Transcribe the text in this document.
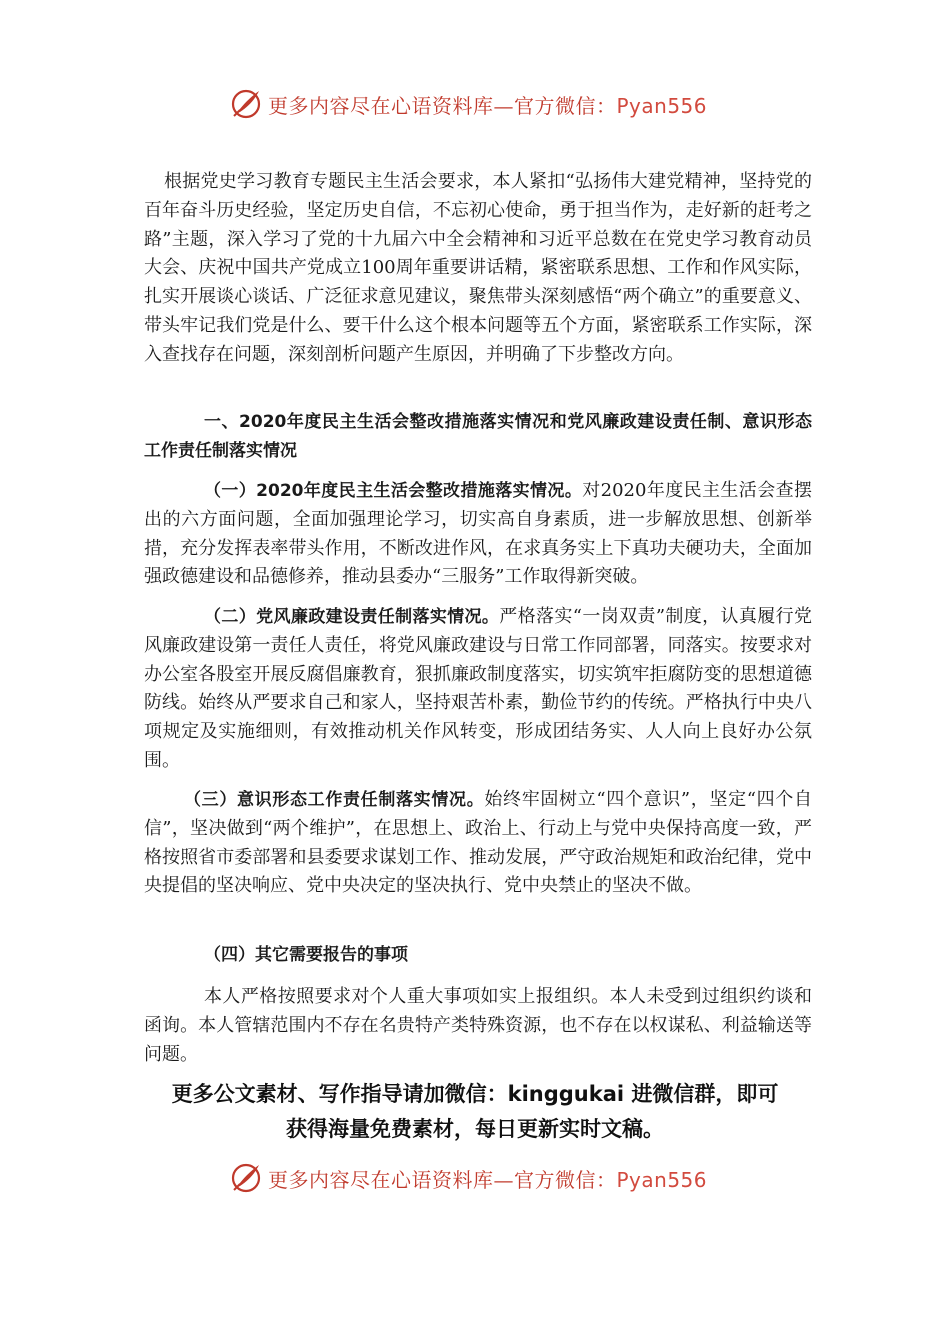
更多内容尽在心语资料库—官方微信：Pyan556
根据党史学习教育专题民主生活会要求，本人紧扣“弘扬伟大建党精神，坚持党的百年奋斗历史经验，坚定历史自信，不忘初心使命，勇于担当作为，走好新的赶考之路”主题，深入学习了党的十九届六中全会精神和习近平总数在在党史学习教育动员大会、庆祝中国共产党成立100周年重要讲话精，紧密联系思想、工作和作风实际，扎实开展谈心谈话、广泛征求意见建议，聚焦带头深刻感悟“两个确立”的重要意义、带头牢记我们党是什么、要干什么这个根本问题等五个方面，紧密联系工作实际，深入查找存在问题，深刻剖析问题产生原因，并明确了下步整改方向。
一、2020年度民主生活会整改措施落实情况和党风廉政建设责任制、意识形态工作责任制落实情况
（一）2020年度民主生活会整改措施落实情况。对2020年度民主生活会查摆出的六方面问题，全面加强理论学习，切实高自身素质，进一步解放思想、创新举措，充分发挥表率带头作用，不断改进作风，在求真务实上下真功夫硬功夫，全面加强政德建设和品德修养，推动县委办“三服务”工作取得新突破。
（二）党风廉政建设责任制落实情况。严格落实“一岗双责”制度，认真履行党风廉政建设第一责任人责任，将党风廉政建设与日常工作同部署，同落实。按要求对办公室各股室开展反腐倡廉教育，狠抓廉政制度落实，切实筑牢拒腐防变的思想道德防线。始终从严要求自己和家人，坚持艰苦朴素，勤俭节约的传统。严格执行中央八项规定及实施细则，有效推动机关作风转变，形成团结务实、人人向上良好办公氛围。
（三）意识形态工作责任制落实情况。始终牢固树立“四个意识”，坚定“四个自信”，坚决做到“两个维护”，在思想上、政治上、行动上与党中央保持高度一致，严格按照省市委部署和县委要求谋划工作、推动发展，严守政治规矩和政治纪律，党中央提倡的坚决响应、党中央决定的坚决执行、党中央禁止的坚决不做。
（四）其它需要报告的事项
本人严格按照要求对个人重大事项如实上报组织。本人未受到过组织约谈和函询。本人管辖范围内不存在名贵特产类特殊资源，也不存在以权谋私、利益输送等问题。
更多公文素材、写作指导请加微信：kinggukai 进微信群，即可
获得海量免费素材，每日更新实时文稿。
更多内容尽在心语资料库—官方微信：Pyan556
